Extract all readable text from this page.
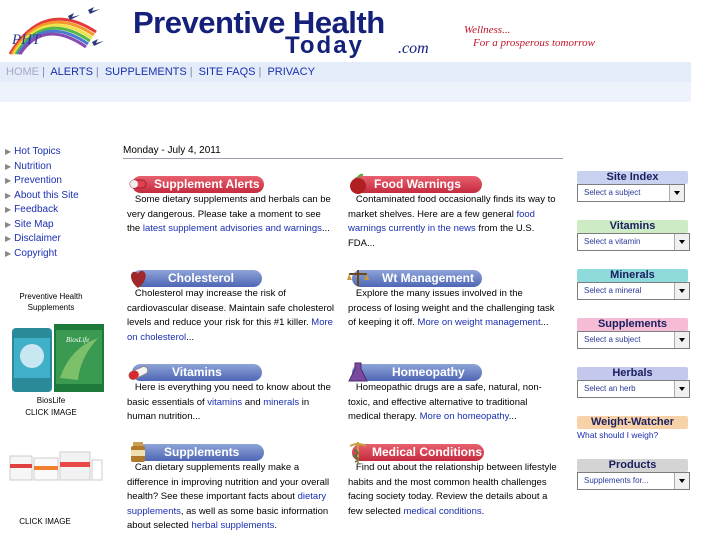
PHT	Preventive Health
Today .com
Wellness...
For a prosperous tomorrow
HOME | ALERTS | SUPPLEMENTS | SITE FAQS | PRIVACY
▶ Hot Topics
▶ Nutrition
▶ Prevention
▶ About this Site
▶ Feedback
▶ Site Map
▶ Disclaimer
▶ Copyright
Preventive Health
Supplements
BiosLife
BiosLife
CLICK IMAGE
CLICK IMAGE
Monday - July 4, 2011
Supplement Alerts
Some dietary supplements and herbals can be very dangerous. Please take a moment to see the latest supplement advisories and warnings...
Food Warnings
Contaminated food occasionally finds its way to market shelves. Here are a few general food warnings currently in the news from the U.S. FDA...
Cholesterol
Cholesterol may increase the risk of cardiovascular disease. Maintain safe cholesterol levels and reduce your risk for this #1 killer. More on cholesterol...
Wt Management
Explore the many issues involved in the process of losing weight and the challenging task of keeping it off. More on weight management...
Vitamins
Here is everything you need to know about the basic essentials of vitamins and minerals in human nutrition...
Homeopathy
Homeopathic drugs are a safe, natural, non-toxic, and effective alternative to traditional medical therapy. More on homeopathy...
Supplements
Can dietary supplements really make a difference in improving nutrition and your overall health? See these important facts about dietary supplements, as well as some basic information about selected herbal supplements.
Medical Conditions
Find out about the relationship between lifestyle habits and the most common health challenges facing society today. Review the details about a few selected medical conditions.
Site Index
Select a subject
Vitamins
Select a vitamin
Minerals
Select a mineral
Supplements
Select a subject
Herbals
Select an herb
Weight-Watcher
What should I weigh?
Products
Supplements for...
